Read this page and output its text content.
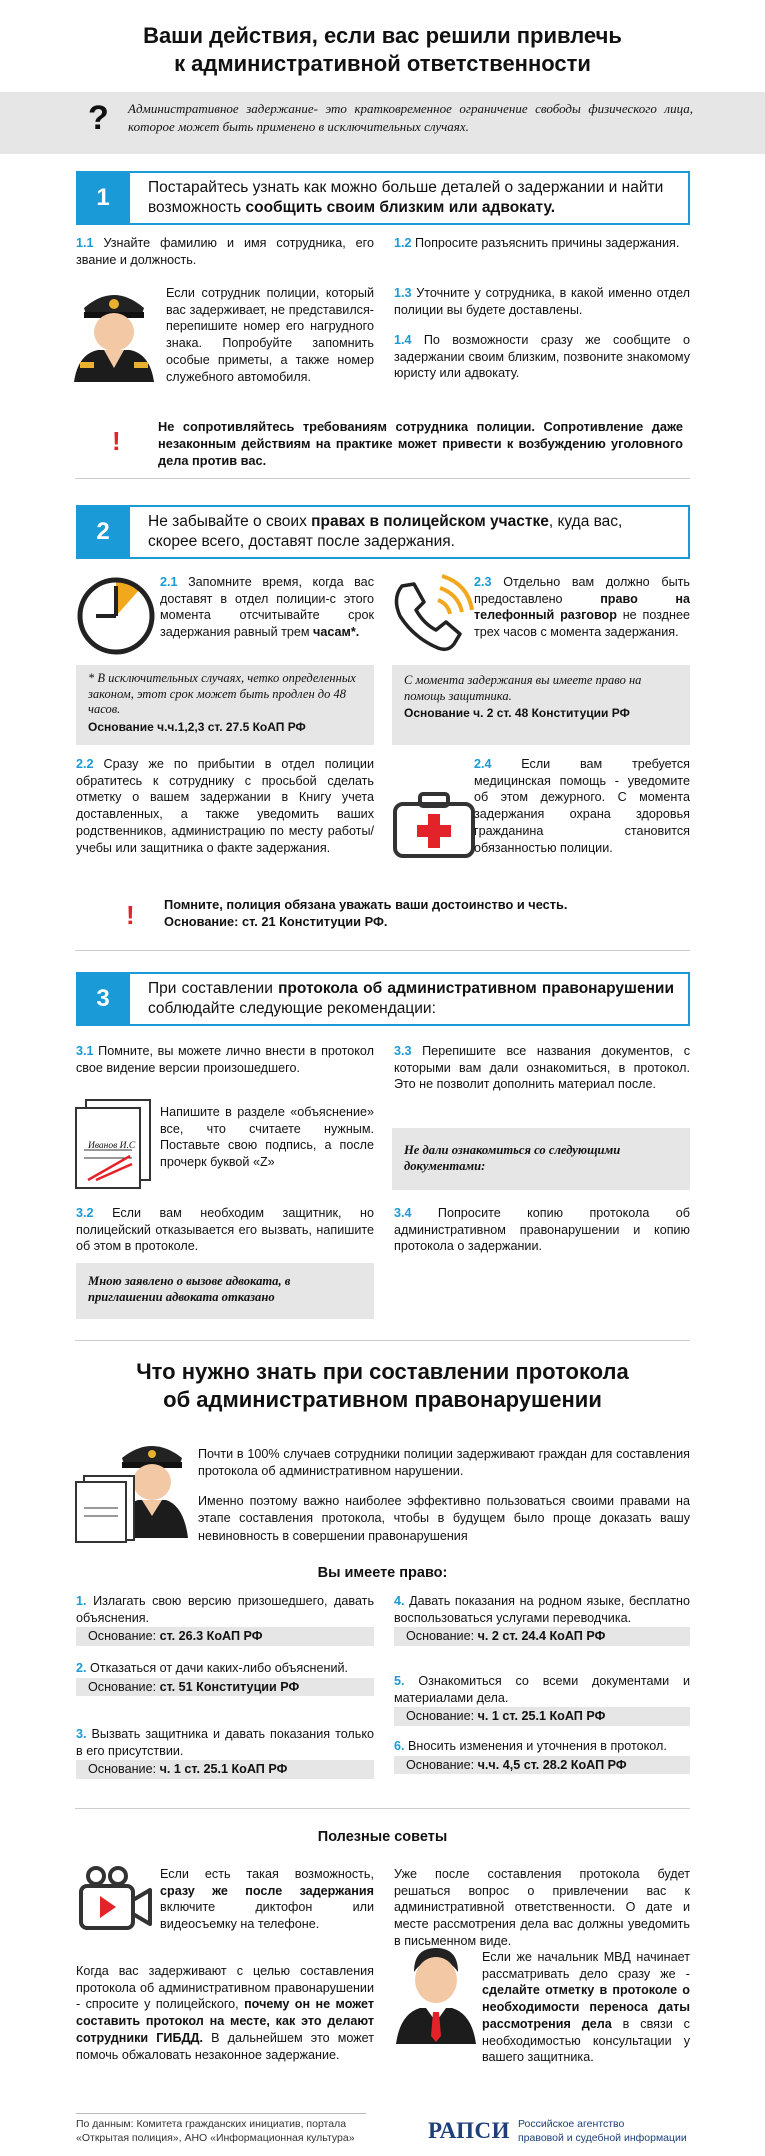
Ваши действия, если вас решили привлечь
к административной ответственности
? Административное задержание- это кратковременное ограничение свободы физического лица, которое может быть применено в исключительных случаях.
1	Постарайтесь узнать как можно больше деталей о задержании и найти возможность сообщить своим близким или адвокату.
1.1 Узнайте фамилию и имя сотрудника, его звание и должность.
Если сотрудник полиции, который вас задерживает, не представился-перепишите номер его нагрудного знака. Попробуйте запомнить особые приметы, а также номер служебного автомобиля.
1.2 Попросите разъяснить причины задержания.
1.3 Уточните у сотрудника, в какой именно отдел полиции вы будете доставлены.
1.4 По возможности сразу же сообщите о задержании своим близким, позвоните знакомому юристу или адвокату.
!	Не сопротивляйтесь требованиям сотрудника полиции. Сопротивление даже незаконным действиям на практике может привести к возбуждению уголовного дела против вас.
2	Не забывайте о своих правах в полицейском участке, куда вас, скорее всего, доставят после задержания.
2.1 Запомните время, когда вас доставят в отдел полиции-с этого момента отсчитывайте срок задержания равный трем часам*.
* В исключительных случаях, четко определенных законом, этот срок может быть продлен до 48 часов.
Основание ч.ч.1,2,3 ст. 27.5 КоАП РФ
2.3 Отдельно вам должно быть предоставлено право на телефонный разговор не позднее трех часов с момента задержания.
С момента задержания вы имеете право на помощь защитника.
Основание ч. 2 ст. 48 Конституции РФ
2.2 Сразу же по прибытии в отдел полиции обратитесь к сотруднику с просьбой сделать отметку о вашем задержании в Книгу учета доставленных, а также уведомить ваших родственников, администрацию по месту работы/учебы или защитника о факте задержания.
2.4 Если вам требуется медицинская помощь - уведомите об этом дежурного. С момента задержания охрана здоровья гражданина становится обязанностью полиции.
! Помните, полиция обязана уважать ваши достоинство и честь.
Основание: ст. 21 Конституции РФ.
3	При составлении протокола об административном правонарушении соблюдайте следующие рекомендации:
3.1 Помните, вы можете лично внести в протокол свое видение версии произошедшего.
Иванов И.С
Напишите в разделе «объяснение» все, что считаете нужным. Поставьте свою подпись, а после прочерк буквой «Z»
3.3 Перепишите все названия документов, с которыми вам дали ознакомиться, в протокол. Это не позволит дополнить материал после.
Не дали ознакомиться со следующими документами:
3.2 Если вам необходим защитник, но полицейский отказывается его вызвать, напишите об этом в протоколе.
Мною заявлено о вызове адвоката, в приглашении адвоката отказано
3.4 Попросите копию протокола об административном правонарушении и копию протокола о задержании.
Что нужно знать при составлении протокола
об административном правонарушении
Почти в 100% случаев сотрудники полиции задерживают граждан для составления протокола об административном нарушении.
Именно поэтому важно наиболее эффективно пользоваться своими правами на этапе составления протокола, чтобы в будущем было проще доказать вашу невиновность в совершении правонарушения
Вы имеете право:
1. Излагать свою версию призошедшего, давать объяснения.
Основание: ст. 26.3 КоАП РФ
2. Отказаться от дачи каких-либо объяснений.
Основание: ст. 51 Конституции РФ
3. Вызвать защитника и давать показания только в его присутствии.
Основание: ч. 1 ст. 25.1 КоАП РФ
4. Давать показания на родном языке, бесплатно воспользоваться услугами переводчика.
Основание: ч. 2 ст. 24.4 КоАП РФ
5. Ознакомиться со всеми документами и материалами дела.
Основание: ч. 1 ст. 25.1 КоАП РФ
6. Вносить изменения и уточнения в протокол.
Основание: ч.ч. 4,5 ст. 28.2 КоАП РФ
Полезные советы
Если есть такая возможность, сразу же после задержания включите диктофон или видеосъемку на телефоне.
Когда вас задерживают с целью составления протокола об административном правонарушении - спросите у полицейского, почему он не может составить протокол на месте, как это делают сотрудники ГИБДД. В дальнейшем это может помочь обжаловать незаконное задержание.
Уже после составления протокола будет решаться вопрос о привлечении вас к административной ответственности. О дате и месте рассмотрения дела вас должны уведомить в письменном виде.
Если же начальник МВД начинает рассматривать дело сразу же - сделайте отметку в протоколе о необходимости переноса даты рассмотрения дела в связи с необходимостью консультации у вашего защитника.
По данным: Комитета гражданских инициатив, портала «Открытая полиция», АНО «Информационная культура»	РАПСИ Российское агентство
правовой и судебной информации
